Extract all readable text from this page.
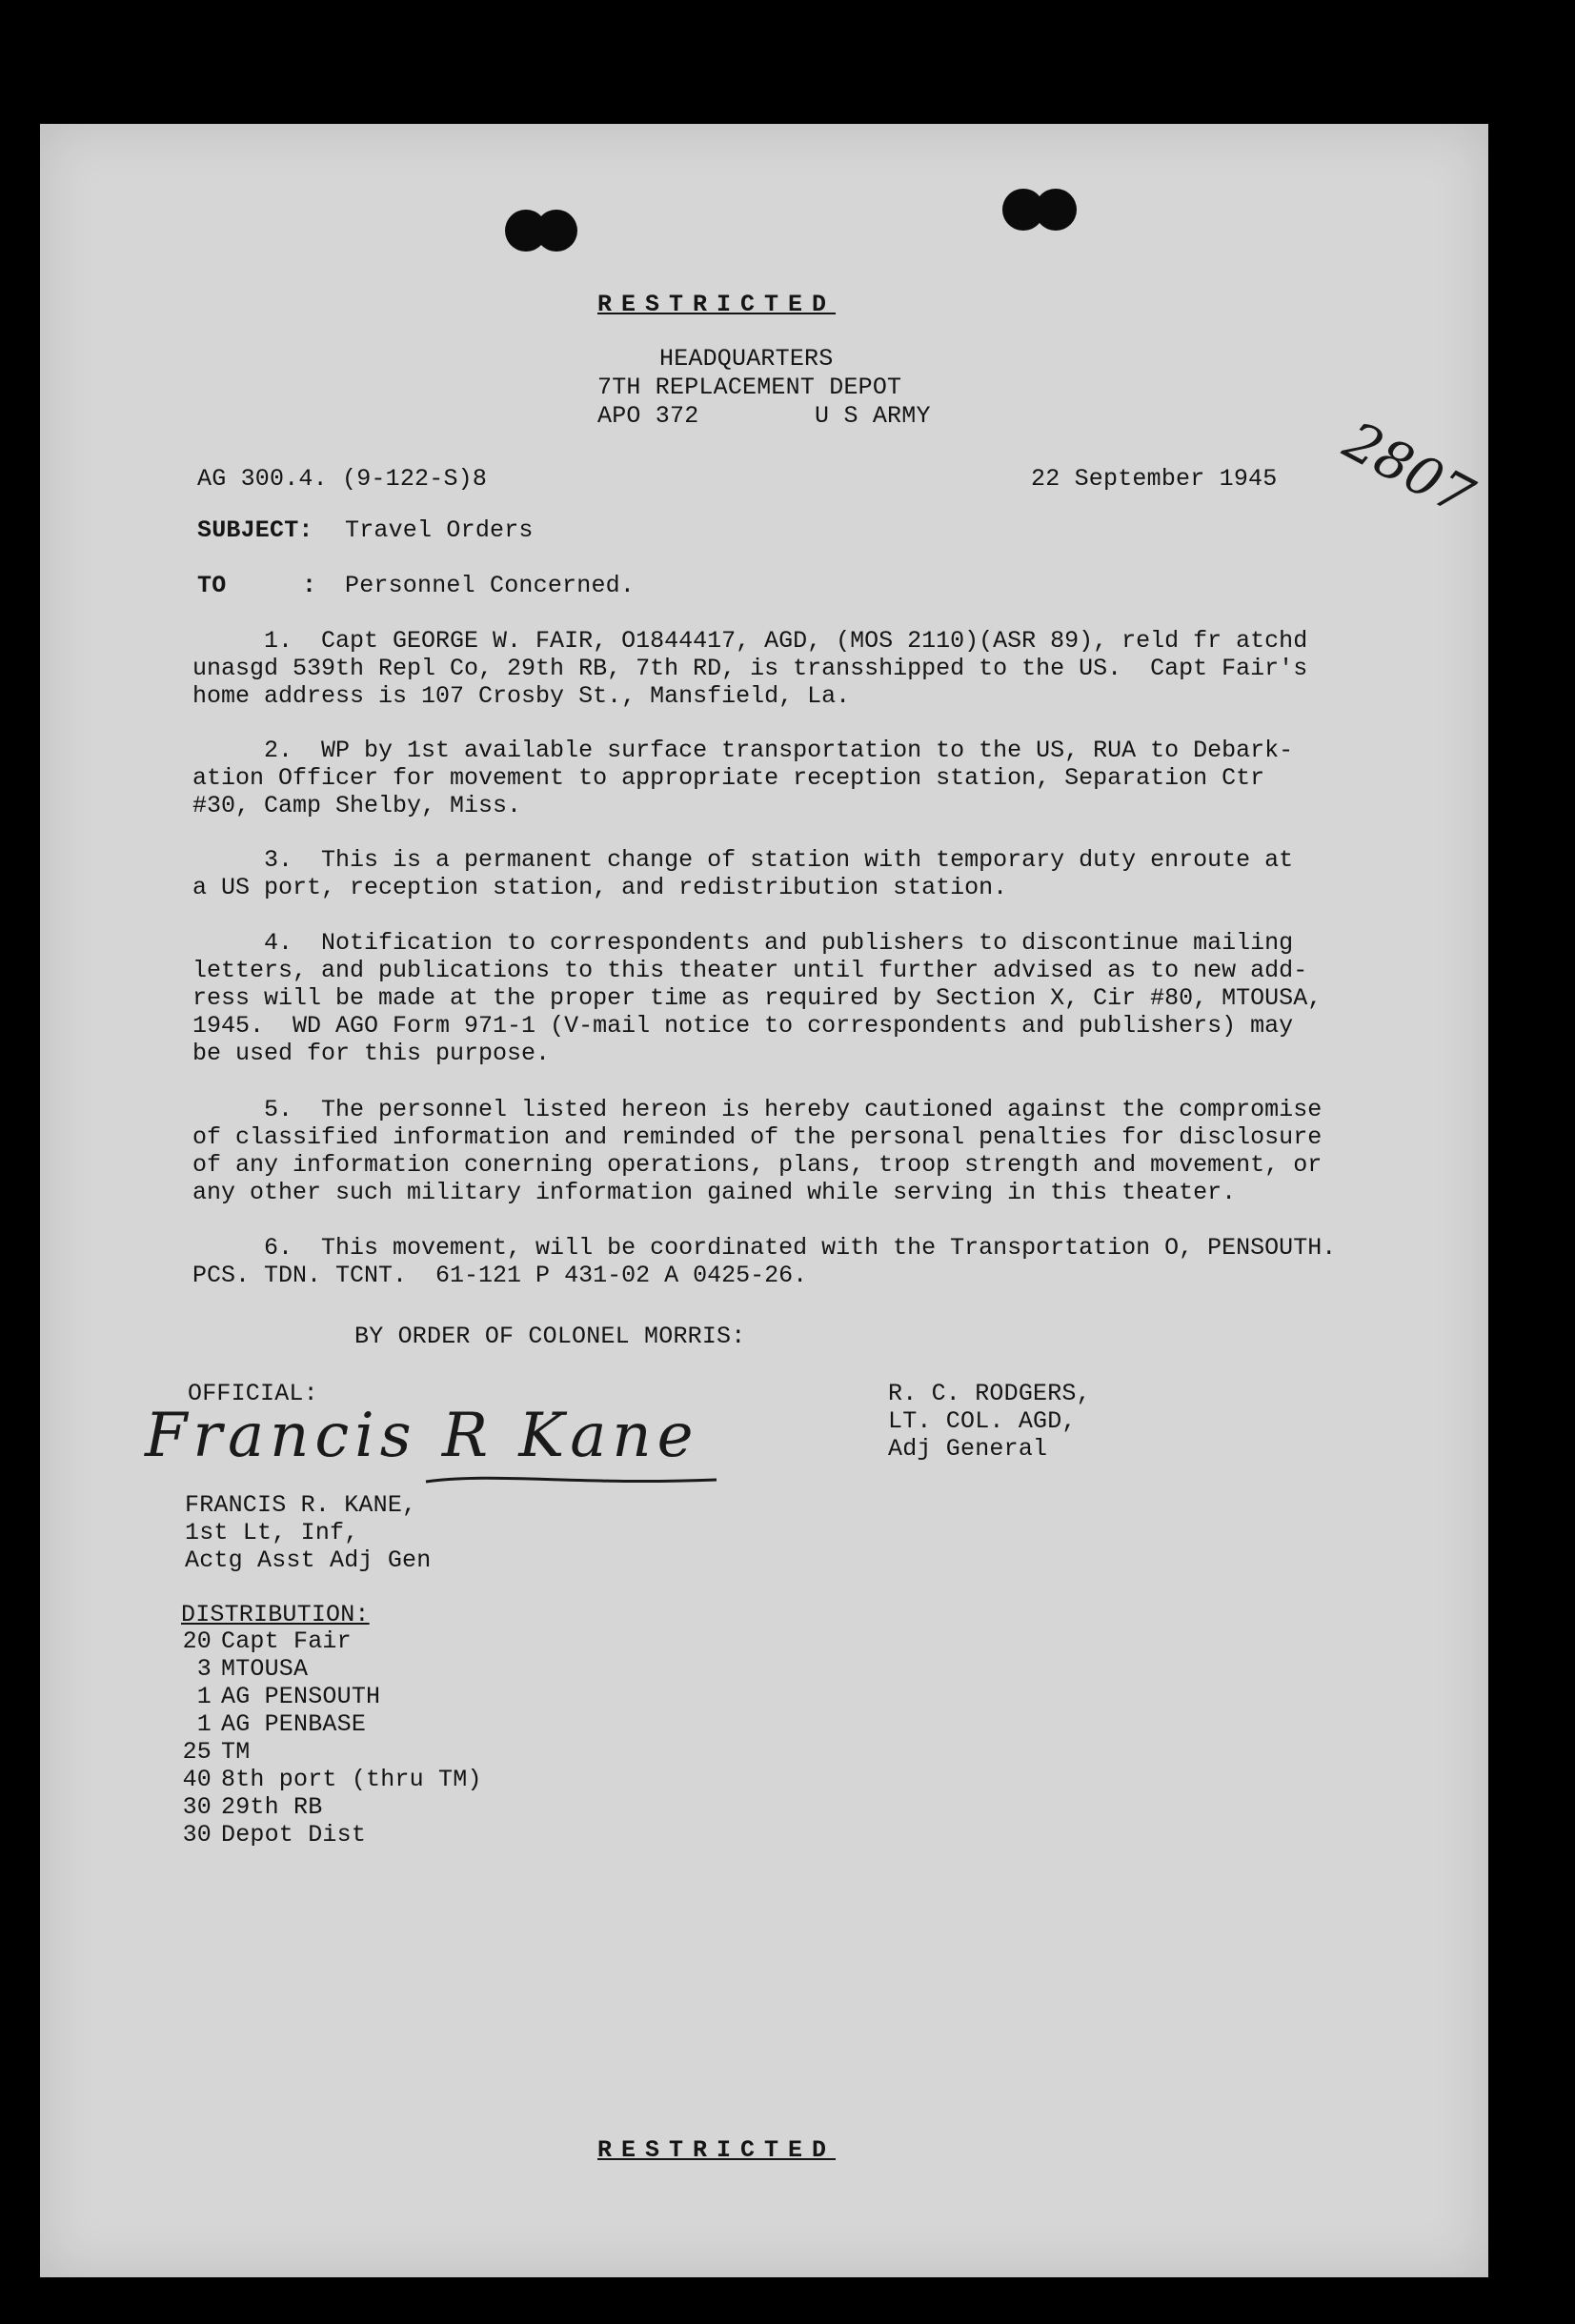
RESTRICTED
HEADQUARTERS
7TH REPLACEMENT DEPOT
APO 372        U S ARMY
AG 300.4. (9-122-S)8	22 September 1945 2807
SUBJECT: Travel Orders
TO	: Personnel Concerned.
1.  Capt GEORGE W. FAIR, O1844417, AGD, (MOS 2110)(ASR 89), reld fr atchd
unasgd 539th Repl Co, 29th RB, 7th RD, is transshipped to the US.  Capt Fair's
home address is 107 Crosby St., Mansfield, La.
2.  WP by 1st available surface transportation to the US, RUA to Debark-
ation Officer for movement to appropriate reception station, Separation Ctr
#30, Camp Shelby, Miss.
3.  This is a permanent change of station with temporary duty enroute at
a US port, reception station, and redistribution station.
4.  Notification to correspondents and publishers to discontinue mailing
letters, and publications to this theater until further advised as to new add-
ress will be made at the proper time as required by Section X, Cir #80, MTOUSA,
1945.  WD AGO Form 971-1 (V-mail notice to correspondents and publishers) may
be used for this purpose.
5.  The personnel listed hereon is hereby cautioned against the compromise
of classified information and reminded of the personal penalties for disclosure
of any information conerning operations, plans, troop strength and movement, or
any other such military information gained while serving in this theater.
6.  This movement, will be coordinated with the Transportation O, PENSOUTH.
PCS. TDN. TCNT.  61-121 P 431-02 A 0425-26.
BY ORDER OF COLONEL MORRIS:
OFFICIAL:
Francis R Kane
R. C. RODGERS,
LT. COL. AGD,
Adj General
FRANCIS R. KANE,
1st Lt, Inf,
Actg Asst Adj Gen
DISTRIBUTION:
20 Capt Fair
3 MTOUSA
1 AG PENSOUTH
1 AG PENBASE
25 TM
40 8th port (thru TM)
30 29th RB
30 Depot Dist
RESTRICTED
